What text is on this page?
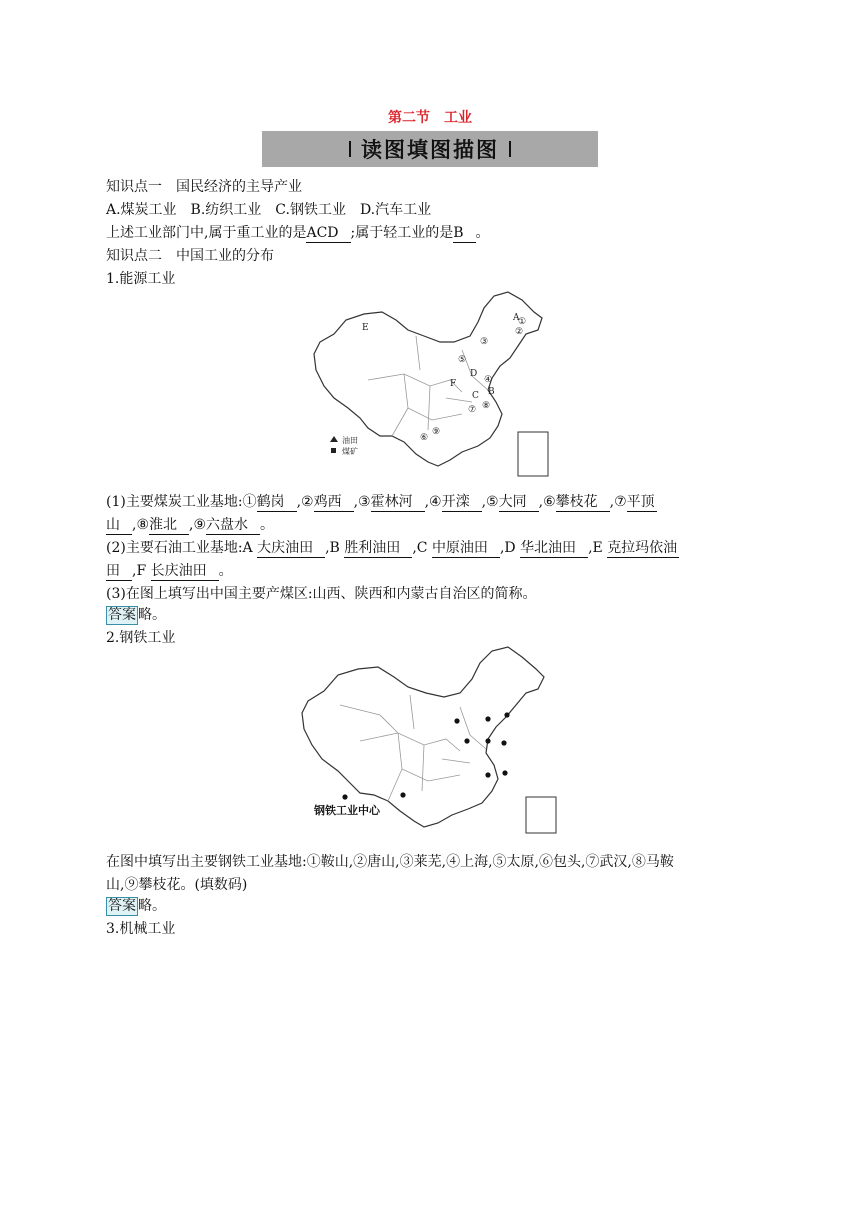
第二节　工业
读图填图描图
知识点一　国民经济的主导产业
A.煤炭工业　B.纺织工业　C.钢铁工业　D.汽车工业
上述工业部门中,属于重工业的是ACD ;属于轻工业的是B 。
知识点二　中国工业的分布
1.能源工业
E
A
①
②
③
⑤
④
D
F
B
C
⑦ ⑧
⑥
⑨
油田
煤矿
(1)主要煤炭工业基地:①鹤岗 ,②鸡西 ,③霍林河 ,④开滦 ,⑤大同 ,⑥攀枝花 ,⑦平顶
山 ,⑧淮北 ,⑨六盘水 。
(2)主要石油工业基地:A 大庆油田 ,B 胜利油田 ,C 中原油田 ,D 华北油田 ,E 克拉玛依油
田 ,F 长庆油田 。
(3)在图上填写出中国主要产煤区:山西、陕西和内蒙古自治区的简称。
答案 略。
2.钢铁工业
钢铁工业中心
在图中填写出主要钢铁工业基地:①鞍山,②唐山,③莱芜,④上海,⑤太原,⑥包头,⑦武汉,⑧马鞍
山,⑨攀枝花。(填数码)
答案 略。
3.机械工业
